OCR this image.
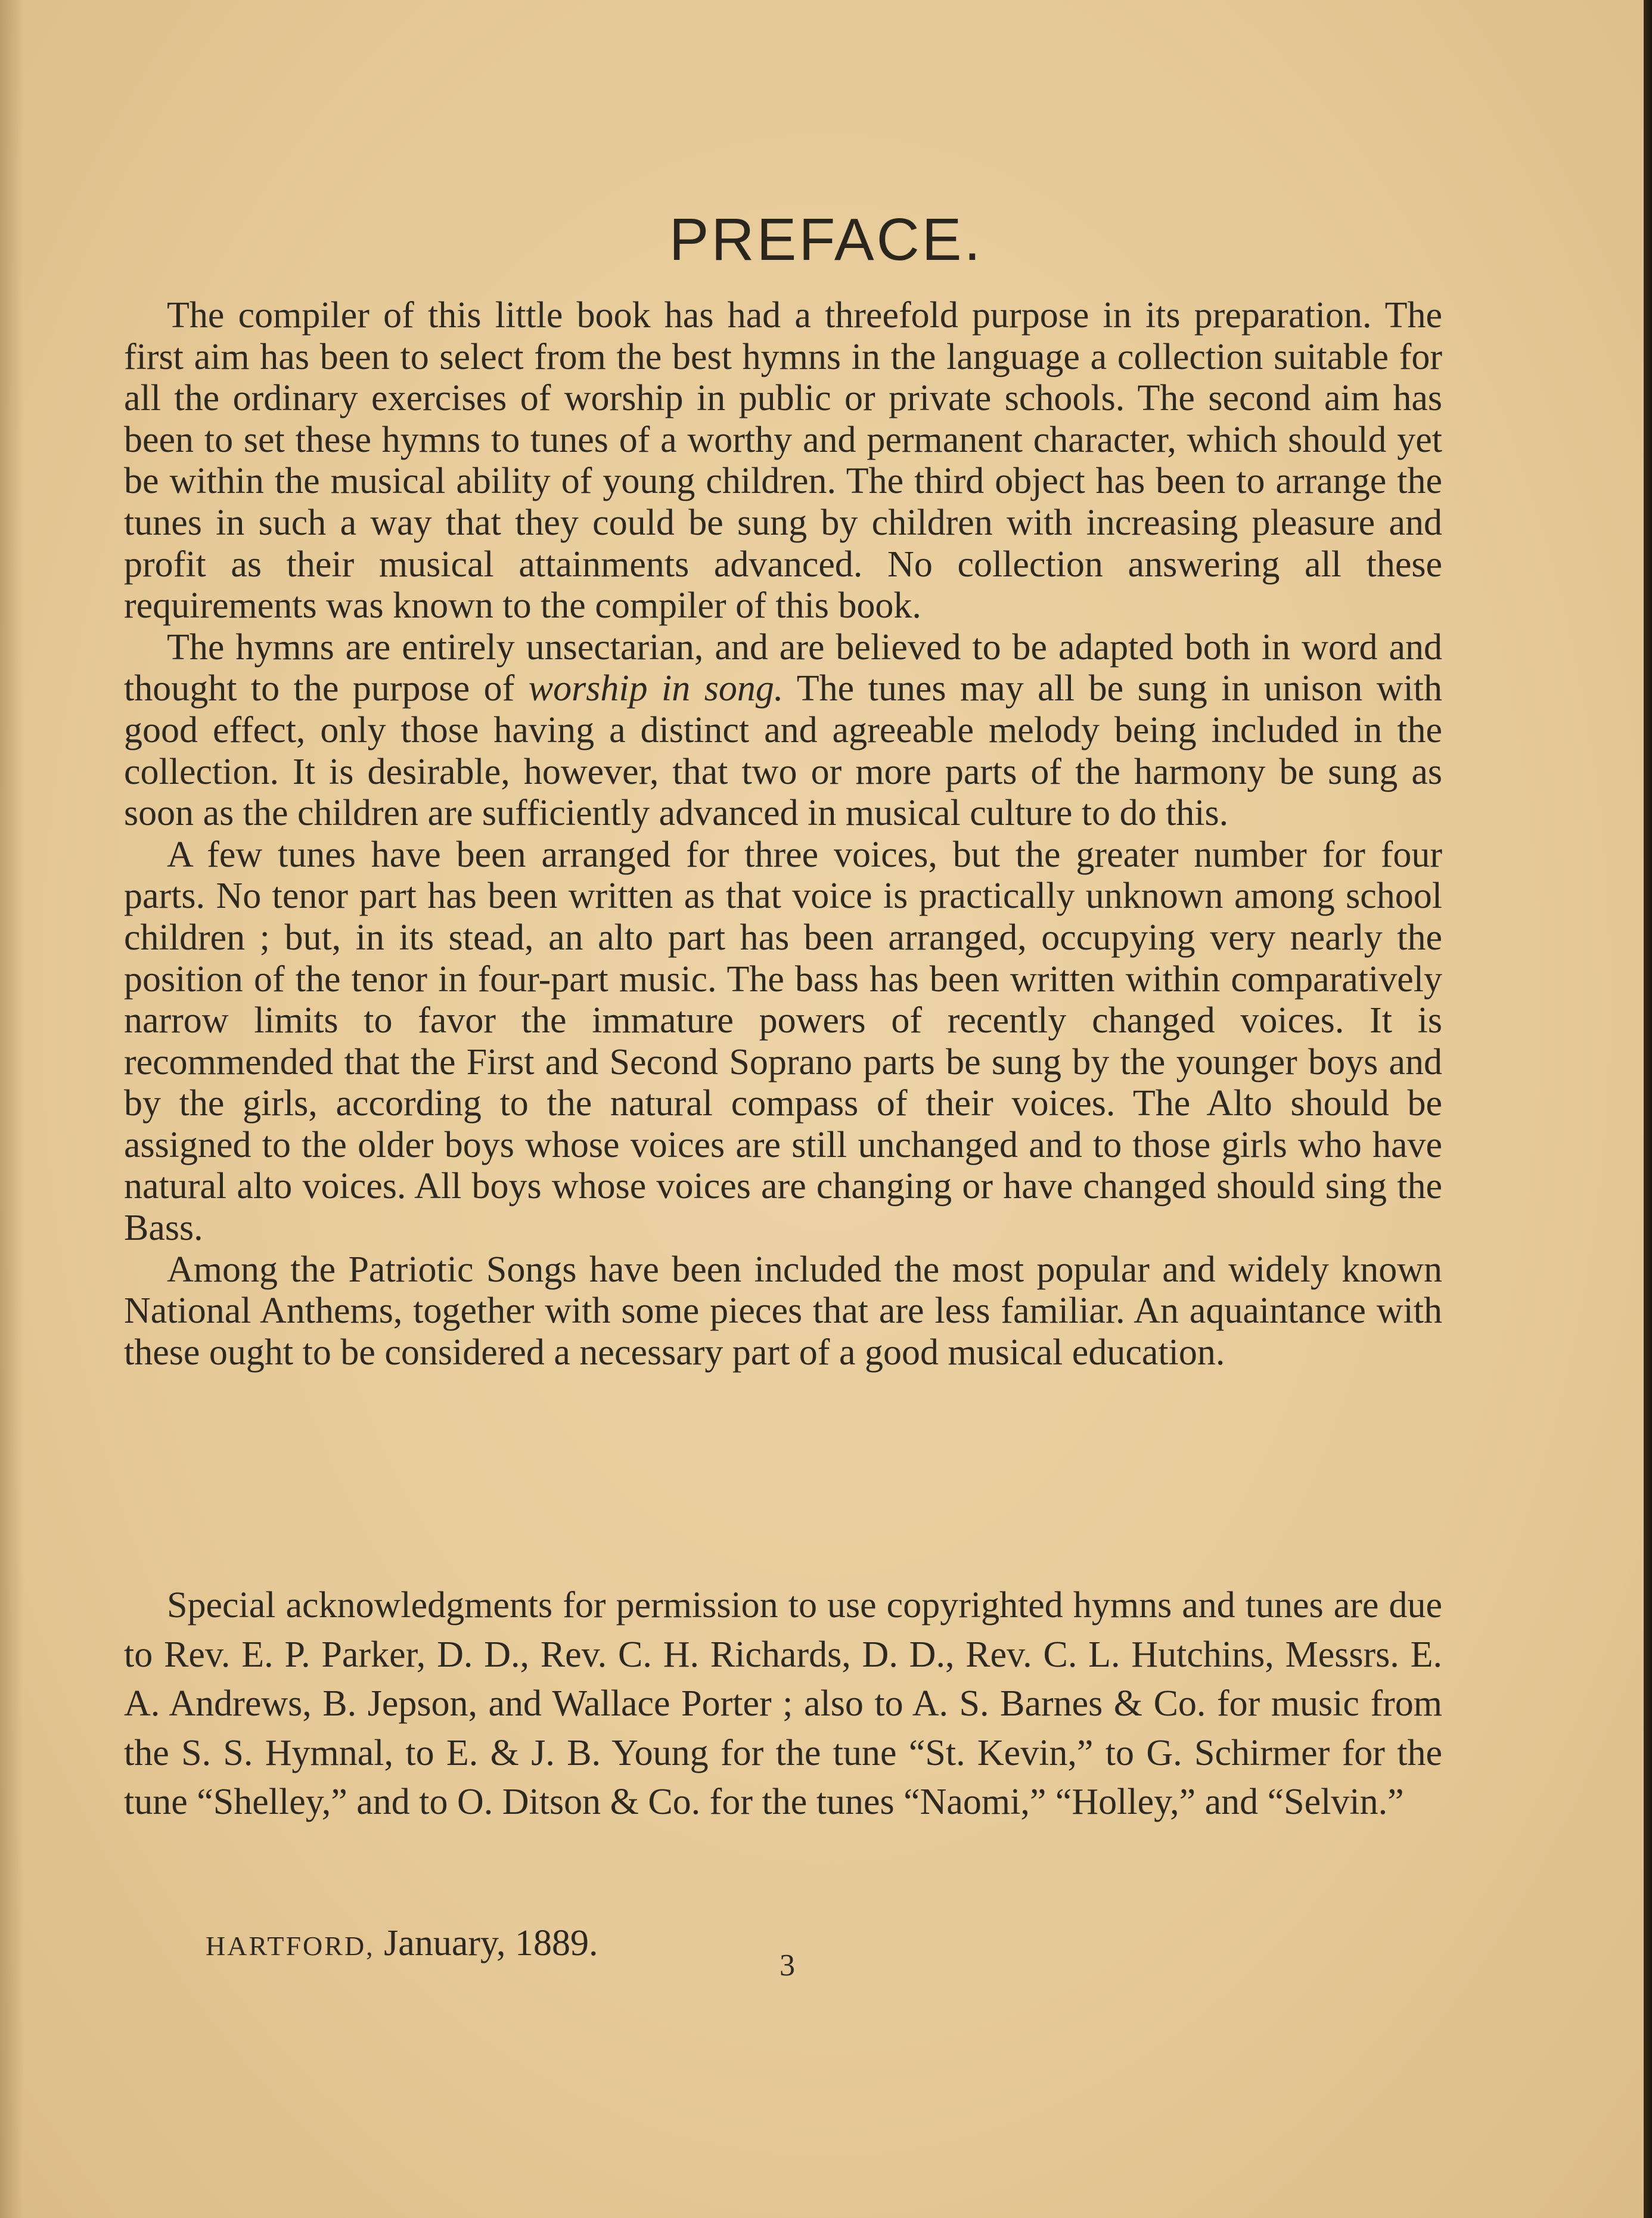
PREFACE.

The compiler of this little book has had a threefold purpose in its preparation. The first aim has been to select from the best hymns in the language a collection suitable for all the ordinary exercises of worship in public or private schools. The second aim has been to set these hymns to tunes of a worthy and permanent character, which should yet be within the musical ability of young children. The third object has been to arrange the tunes in such a way that they could be sung by children with increasing pleasure and profit as their musical attainments advanced. No collection answering all these requirements was known to the compiler of this book.

The hymns are entirely unsectarian, and are believed to be adapted both in word and thought to the purpose of worship in song. The tunes may all be sung in unison with good effect, only those having a distinct and agreeable melody being included in the collection. It is desirable, however, that two or more parts of the harmony be sung as soon as the children are sufficiently advanced in musical culture to do this.

A few tunes have been arranged for three voices, but the greater number for four parts. No tenor part has been written as that voice is practically unknown among school children ; but, in its stead, an alto part has been arranged, occupying very nearly the position of the tenor in four-part music. The bass has been written within comparatively narrow limits to favor the immature powers of recently changed voices. It is recommended that the First and Second Soprano parts be sung by the younger boys and by the girls, according to the natural compass of their voices. The Alto should be assigned to the older boys whose voices are still unchanged and to those girls who have natural alto voices. All boys whose voices are changing or have changed should sing the Bass.

Among the Patriotic Songs have been included the most popular and widely known National Anthems, together with some pieces that are less familiar. An aquaintance with these ought to be considered a necessary part of a good musical education.

Special acknowledgments for permission to use copyrighted hymns and tunes are due to Rev. E. P. Parker, D. D., Rev. C. H. Richards, D. D., Rev. C. L. Hutchins, Messrs. E. A. Andrews, B. Jepson, and Wallace Porter ; also to A. S. Barnes & Co. for music from the S. S. Hymnal, to E. & J. B. Young for the tune “St. Kevin,” to G. Schirmer for the tune “Shelley,” and to O. Ditson & Co. for the tunes “Naomi,” “Holley,” and “Selvin.”

HARTFORD, January, 1889.
3
